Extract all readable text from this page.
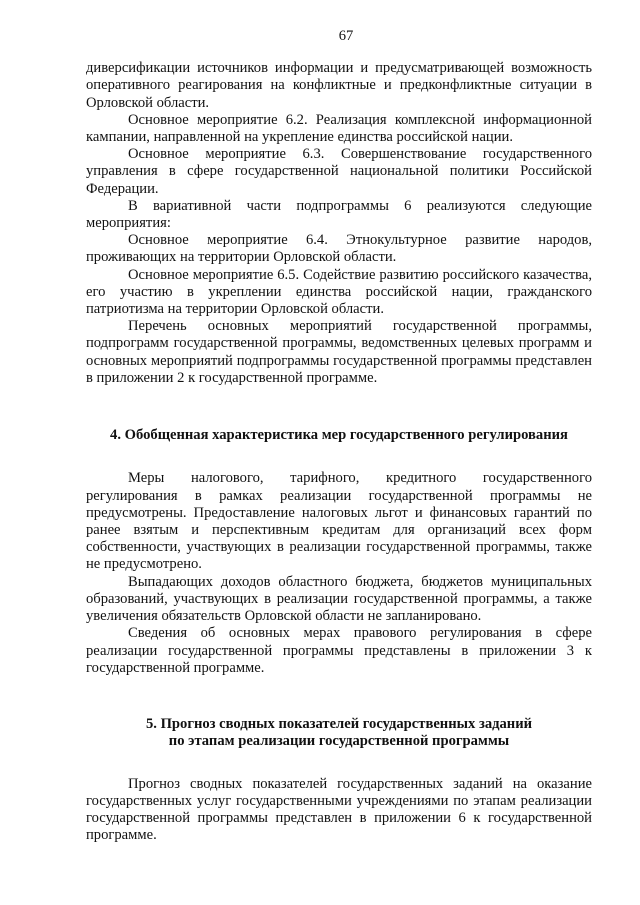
67

диверсификации источников информации и предусматривающей возможность оперативного реагирования на конфликтные и предконфликтные ситуации в Орловской области.

Основное мероприятие 6.2. Реализация комплексной информационной кампании, направленной на укрепление единства российской нации.

Основное мероприятие 6.3. Совершенствование государственного управления в сфере государственной национальной политики Российской Федерации.

В вариативной части подпрограммы 6 реализуются следующие мероприятия:

Основное мероприятие 6.4. Этнокультурное развитие народов, проживающих на территории Орловской области.

Основное мероприятие 6.5. Содействие развитию российского казачества, его участию в укреплении единства российской нации, гражданского патриотизма на территории Орловской области.

Перечень основных мероприятий государственной программы, подпрограмм государственной программы, ведомственных целевых программ и основных мероприятий подпрограммы государственной программы представлен в приложении 2 к государственной программе.

4. Обобщенная характеристика мер государственного регулирования

Меры налогового, тарифного, кредитного государственного регулирования в рамках реализации государственной программы не предусмотрены. Предоставление налоговых льгот и финансовых гарантий по ранее взятым и перспективным кредитам для организаций всех форм собственности, участвующих в реализации государственной программы, также не предусмотрено.

Выпадающих доходов областного бюджета, бюджетов муниципальных образований, участвующих в реализации государственной программы, а также увеличения обязательств Орловской области не запланировано.

Сведения об основных мерах правового регулирования в сфере реализации государственной программы представлены в приложении 3 к государственной программе.

5. Прогноз сводных показателей государственных заданий
по этапам реализации государственной программы

Прогноз сводных показателей государственных заданий на оказание государственных услуг государственными учреждениями по этапам реализации государственной программы представлен в приложении 6 к государственной программе.
